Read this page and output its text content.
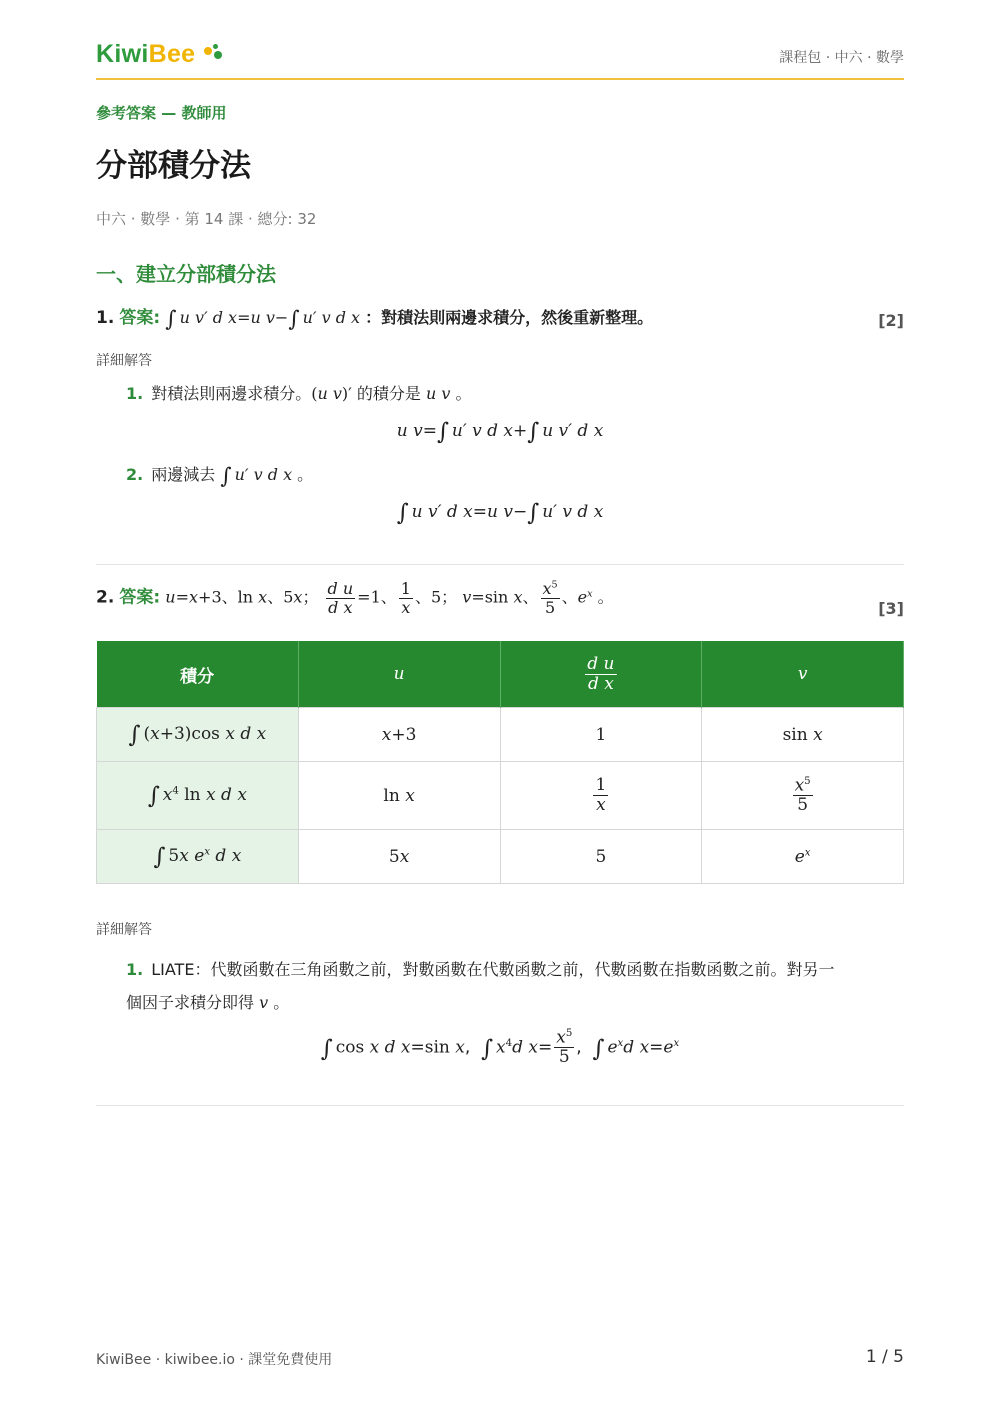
KiwiBee	課程包 · 中六 · 數學
參考答案 — 教師用
分部積分法
中六 · 數學 · 第 14 課 · 總分: 32
一、建立分部積分法
1. 答案: ∫ u v′ d x=u v−∫ u′ v d x ：對積法則兩邊求積分，然後重新整理。	[2]
詳細解答
1. 對積法則兩邊求積分。(u v)′ 的積分是 u v 。
u v=∫ u′ v d x+∫ u v′ d x
2. 兩邊減去 ∫ u′ v d x 。
∫ u v′ d x=u v−∫ u′ v d x
2. 答案: u=x+3、ln x、5x； $\frac{\text{d u}}{\text{d x}} =1$、 $\frac{1}{x}$ 、5； v=sin x、 $\frac{x^5}{5}$ 、$e^x$ 。
[3]
積分	u	$\frac{\text{d u}}{\text{d x}}$	v
∫ (x+3)cos x d x	x+3	1	sin x
∫ $x^4$ ln x d x	ln x	$\frac{1}{x}$	$\frac{x^5}{5}$

∫ 5x $e^x$ d x	5x	5	$e^x$
詳細解答
1. LIATE：代數函數在三角函數之前，對數函數在代數函數之前，代數函數在指數函數之前。對另一
個因子求積分即得 v 。
∫ cos x d x=sin x,  ∫ $x^4d$ $x= \frac{x^5}{5}$ ,  ∫ $e^xd$ $x=e^x$
KiwiBee · kiwibee.io · 課堂免費使用	1 / 5
